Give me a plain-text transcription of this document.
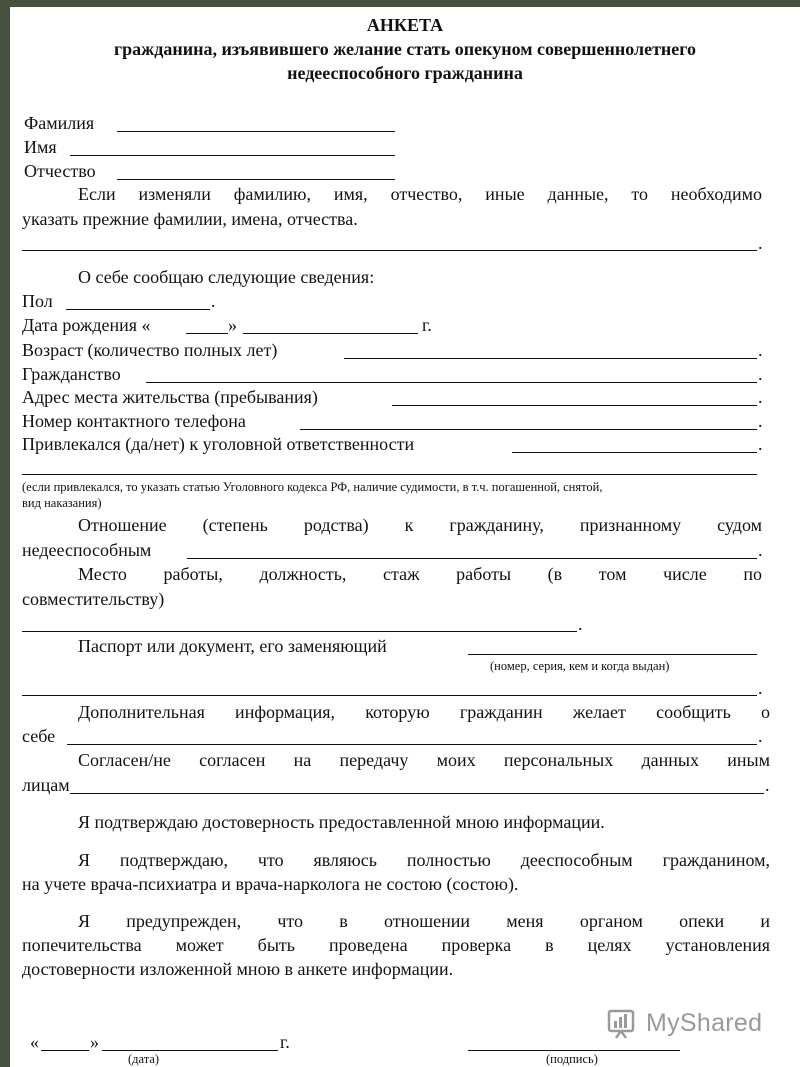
АНКЕТА
гражданина, изъявившего желание стать опекуном совершеннолетнего
недееспособного гражданина
Фамилия
Имя
Отчество
Если изменяли фамилию, имя, отчество, иные данные, то необходимо
указать прежние фамилии, имена, отчества.
.
О себе сообщаю следующие сведения:
Пол	.
Дата рождения «	»	г.
Возраст (количество полных лет)	.
Гражданство	.
Адрес места жительства (пребывания)	.
Номер контактного телефона	.
Привлекался (да/нет) к уголовной ответственности	.
(если привлекался, то указать статью Уголовного кодекса РФ, наличие судимости, в т.ч. погашенной, снятой,
вид наказания)
Отношение (степень родства) к гражданину, признанному судом
недееспособным	.
Место работы, должность, стаж работы (в том числе по
совместительству)
.
Паспорт или документ, его заменяющий
(номер, серия, кем и когда выдан)
.
Дополнительная информация, которую гражданин желает сообщить о
себе	.
Согласен/не согласен на передачу моих персональных данных иным
лицам	.
Я подтверждаю достоверность предоставленной мною информации.
Я подтверждаю, что являюсь полностью дееспособным гражданином,
на учете врача-психиатра и врача-нарколога не состою (состою).
Я предупрежден, что в отношении меня органом опеки и
попечительства может быть проведена проверка в целях установления
достоверности изложенной мною в анкете информации.
«	»	г.
(дата)	(подпись)
MyShared
